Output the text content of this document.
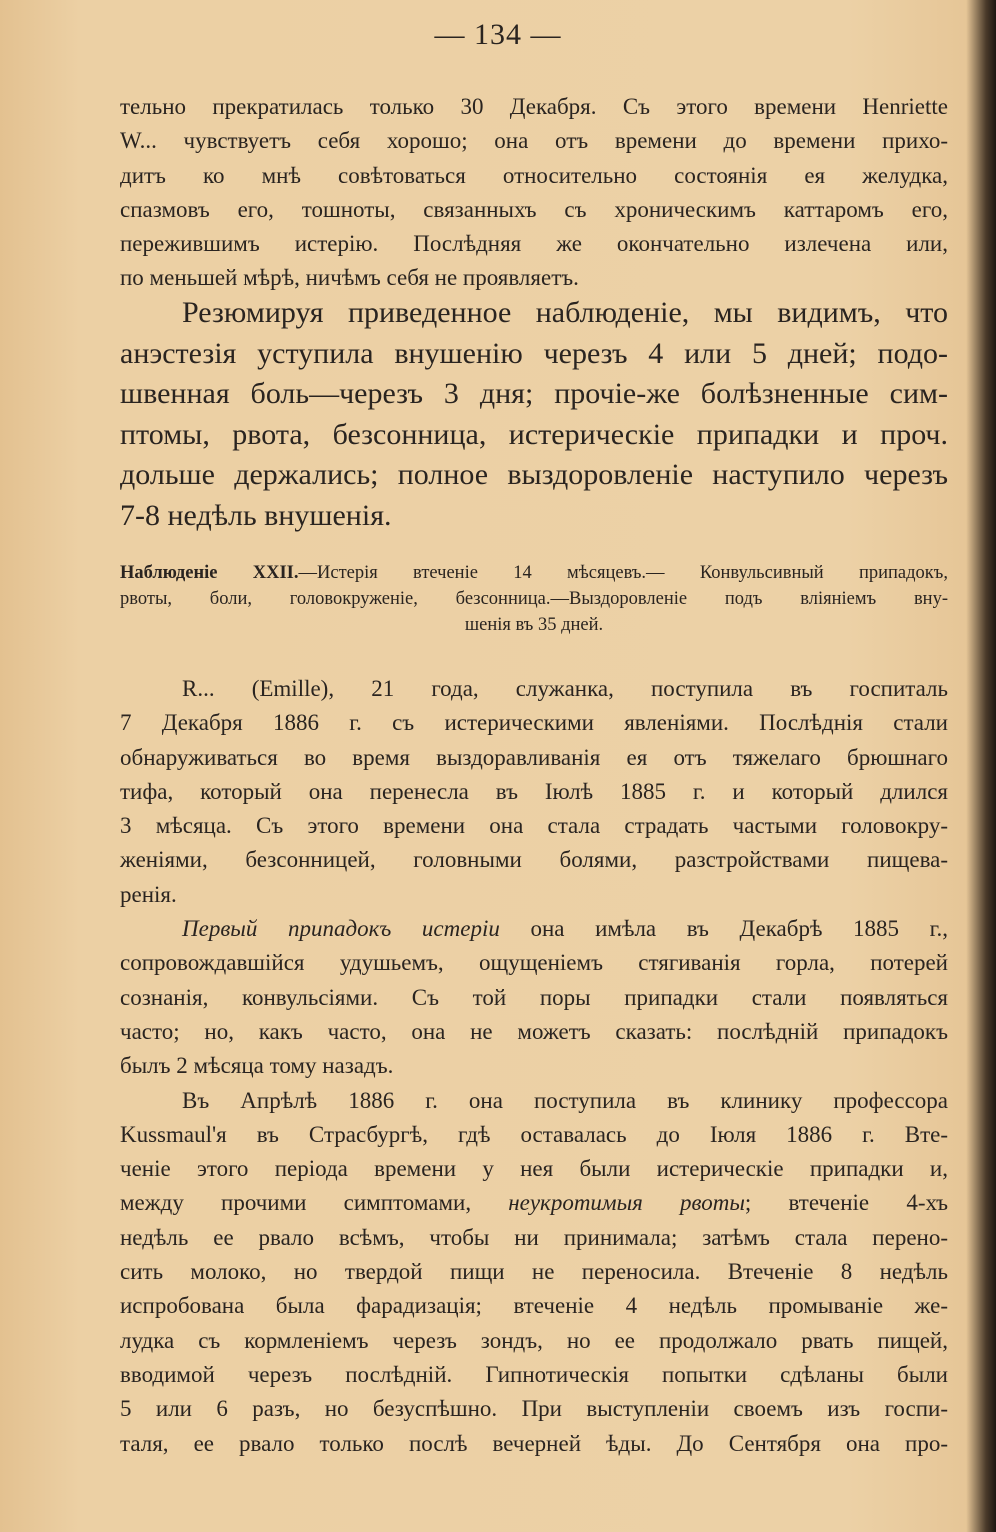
— 134 —
тельно прекратилась только 30 Декабря. Съ этого времени Henriette
W... чувствуетъ себя хорошо; она отъ времени до времени прихо-
дитъ ко мнѣ совѣтоваться относительно состоянія ея желудка,
спазмовъ его, тошноты, связанныхъ съ хроническимъ каттаромъ его,
пережившимъ истерію. Послѣдняя же окончательно излечена или,
по меньшей мѣрѣ, ничѣмъ себя не проявляетъ.
Резюмируя приведенное наблюденіе, мы видимъ, что
анэстезія уступила внушенію черезъ 4 или 5 дней; подо-
швенная боль—черезъ 3 дня; прочіе-же болѣзненные сим-
птомы, рвота, безсонница, истерическіе припадки и проч.
дольше держались; полное выздоровленіе наступило черезъ
7-8 недѣль внушенія.
Наблюденіе XXII.—Истерія втеченіе 14 мѣсяцевъ.— Конвульсивный припадокъ,
рвоты, боли, головокруженіе, безсонница.—Выздоровленіе подъ вліяніемъ вну-
шенія въ 35 дней.
R... (Emille), 21 года, служанка, поступила въ госпиталь
7 Декабря 1886 г. съ истерическими явленіями. Послѣднія стали
обнаруживаться во время выздоравливанія ея отъ тяжелаго брюшнаго
тифа, который она перенесла въ Іюлѣ 1885 г. и который длился
3 мѣсяца. Съ этого времени она стала страдать частыми головокру-
женіями, безсонницей, головными болями, разстройствами пищева-
ренія.
Первый припадокъ истеріи она имѣла въ Декабрѣ 1885 г.,
сопровождавшійся удушьемъ, ощущеніемъ стягиванія горла, потерей
сознанія, конвульсіями. Съ той поры припадки стали появляться
часто; но, какъ часто, она не можетъ сказать: послѣдній припадокъ
былъ 2 мѣсяца тому назадъ.
Въ Апрѣлѣ 1886 г. она поступила въ клинику профессора
Kussmaul'я въ Страсбургѣ, гдѣ оставалась до Іюля 1886 г. Вте-
ченіе этого періода времени у нея были истерическіе припадки и,
между прочими симптомами, неукротимыя рвоты; втеченіе 4-хъ
недѣль ее рвало всѣмъ, чтобы ни принимала; затѣмъ стала перено-
сить молоко, но твердой пищи не переносила. Втеченіе 8 недѣль
испробована была фарадизація; втеченіе 4 недѣль промываніе же-
лудка съ кормленіемъ черезъ зондъ, но ее продолжало рвать пищей,
вводимой черезъ послѣдній. Гипнотическія попытки сдѣланы были
5 или 6 разъ, но безуспѣшно. При выступленіи своемъ изъ госпи-
таля, ее рвало только послѣ вечерней ѣды. До Сентября она про-
